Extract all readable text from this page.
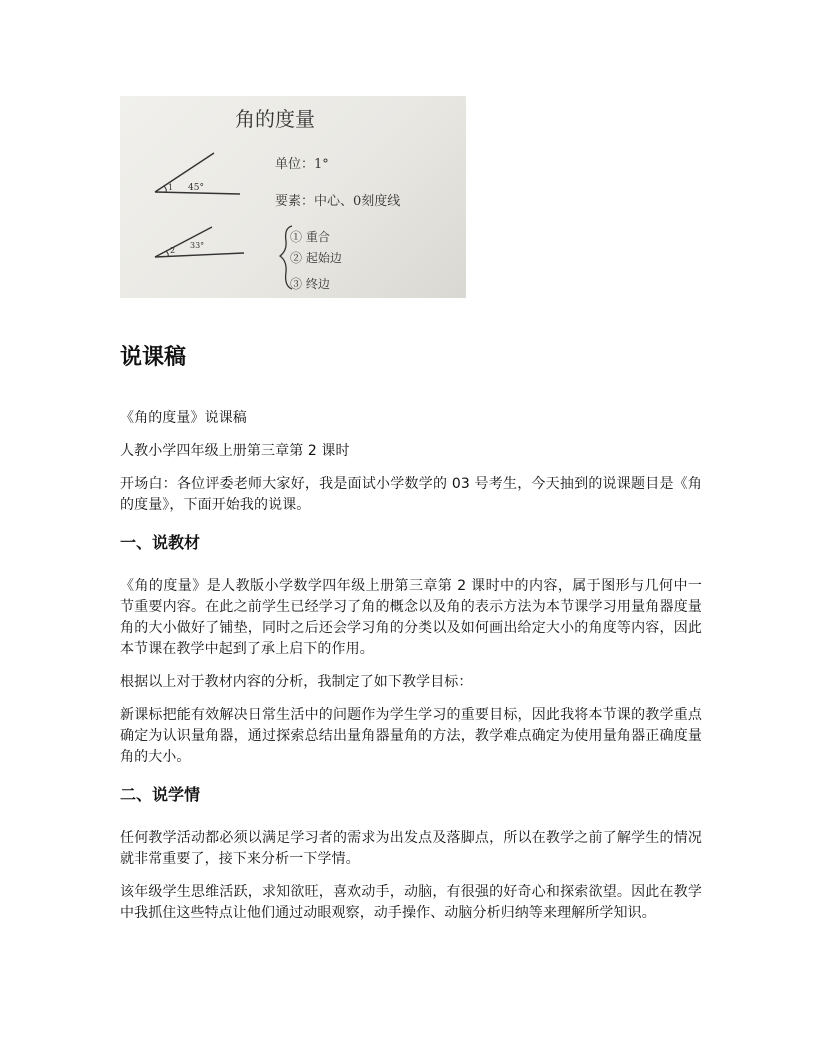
角的度量
1 45°
2
33°
单位：1°
要素：中心、0刻度线
① 重合
② 起始边
③ 终边
说课稿

《角的度量》说课稿

人教小学四年级上册第三章第 2 课时

开场白：各位评委老师大家好，我是面试小学数学的 03 号考生，今天抽到的说课题目是《角的度量》，下面开始我的说课。

一、说教材

《角的度量》是人教版小学数学四年级上册第三章第 2 课时中的内容，属于图形与几何中一节重要内容。在此之前学生已经学习了角的概念以及角的表示方法为本节课学习用量角器度量角的大小做好了铺垫，同时之后还会学习角的分类以及如何画出给定大小的角度等内容，因此本节课在教学中起到了承上启下的作用。

根据以上对于教材内容的分析，我制定了如下教学目标：

新课标把能有效解决日常生活中的问题作为学生学习的重要目标，因此我将本节课的教学重点确定为认识量角器，通过探索总结出量角器量角的方法，教学难点确定为使用量角器正确度量角的大小。

二、说学情

任何教学活动都必须以满足学习者的需求为出发点及落脚点，所以在教学之前了解学生的情况就非常重要了，接下来分析一下学情。

该年级学生思维活跃，求知欲旺，喜欢动手，动脑，有很强的好奇心和探索欲望。因此在教学中我抓住这些特点让他们通过动眼观察，动手操作、动脑分析归纳等来理解所学知识。
